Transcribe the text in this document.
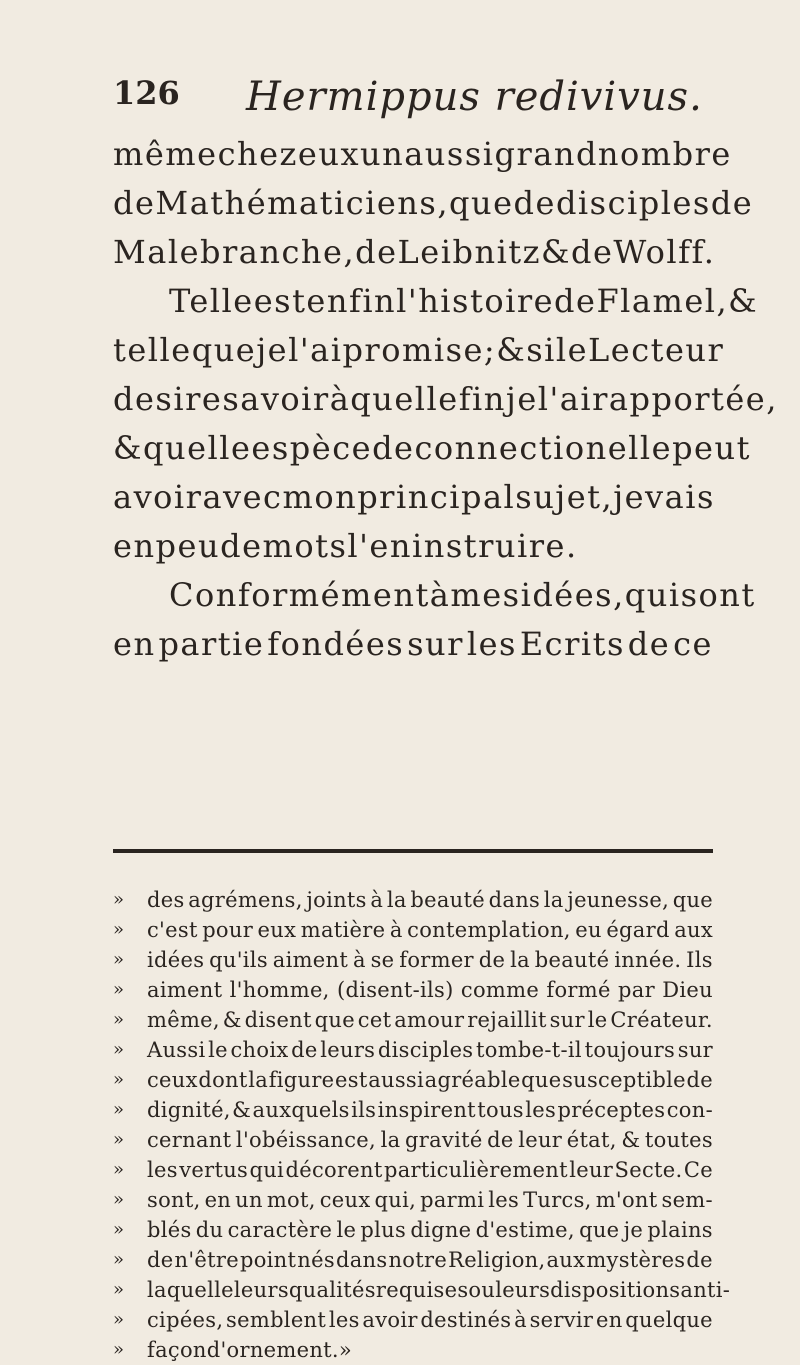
126 Hermippus redivivus.
même chez eux un aussi grand nombre
de Mathématiciens, que de disciples de
Malebranche, de Leibnitz & de Wolff.
Telle est enfin l'histoire de Flamel, &
telle que je l'ai promise ; & si le Lecteur
desire savoir à quelle fin je l'ai rapportée,
& quelle espèce de connection elle peut
avoir avec mon principal sujet, je vais
en peu de mots l'en instruire.
Conformément à mes idées, qui sont
en partie fondées sur les Ecrits de ce
»	des agrémens, joints à la beauté dans la jeunesse, que
»	c'est pour eux matière à contemplation, eu égard aux
»	idées qu'ils aiment à se former de la beauté innée. Ils
»	aiment l'homme, (disent-ils) comme formé par Dieu
»	même, & disent que cet amour rejaillit sur le Créateur.
»	Aussi le choix de leurs disciples tombe-t-il toujours sur
»	ceux dont la figure est aussi agréable que susceptible de
»	dignité, & auxquels ils inspirent tous les préceptes con-
»	cernant l'obéissance, la gravité de leur état, & toutes
»	les vertus qui décorent particulièrement leur Secte. Ce
»	sont, en un mot, ceux qui, parmi les Turcs, m'ont sem-
»	blés du caractère le plus digne d'estime, que je plains
»	de n'être point nés dans notre Religion, aux mystères de
»	laquelle leurs qualités requises ou leurs dispositions anti-
»	cipées, semblent les avoir destinés à servir en quelque
»	façon d'ornement. »
